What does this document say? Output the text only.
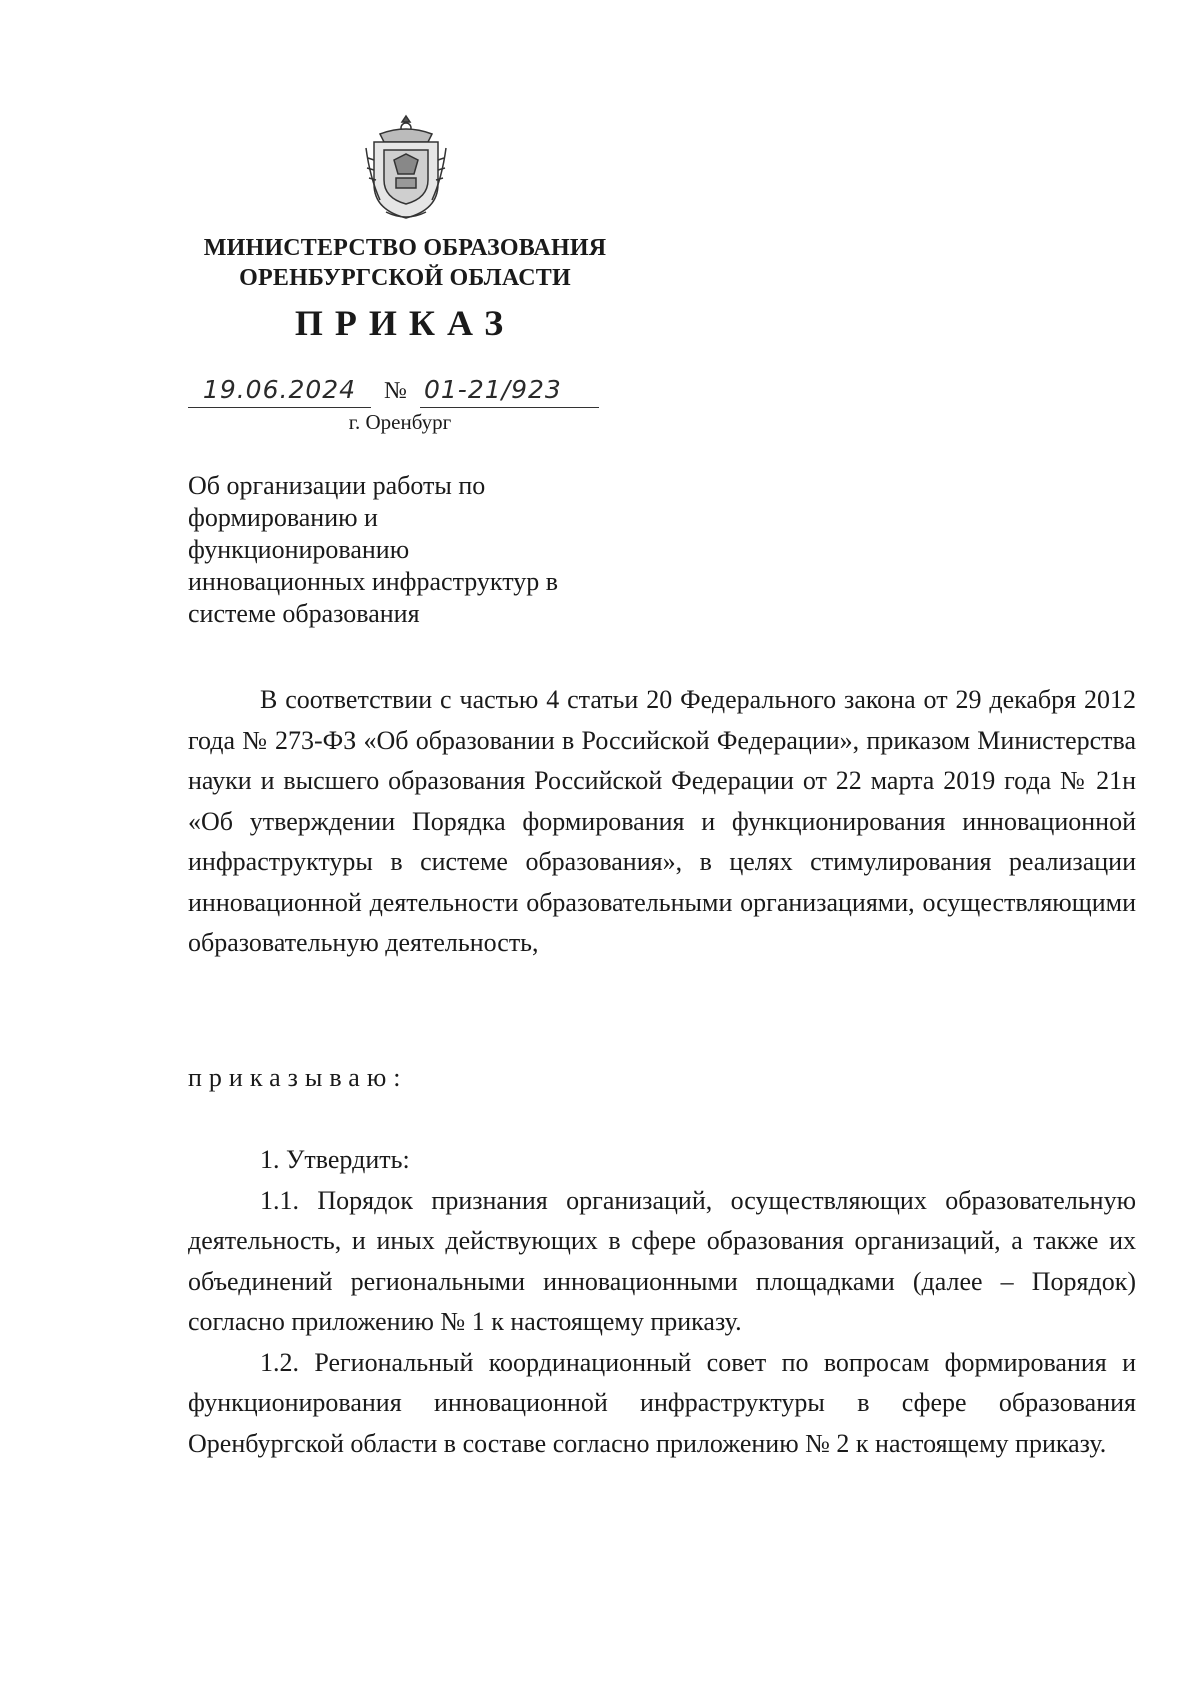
МИНИСТЕРСТВО ОБРАЗОВАНИЯ
ОРЕНБУРГСКОЙ ОБЛАСТИ
ПРИКАЗ
19.06.2024	№ 01-21/923
г. Оренбург
Об организации работы по
формированию и
функционированию
инновационных инфраструктур в
системе образования

В соответствии с частью 4 статьи 20 Федерального закона от 29 декабря 2012 года № 273-ФЗ «Об образовании в Российской Федерации», приказом Министерства науки и высшего образования Российской Федерации от 22 марта 2019 года № 21н «Об утверждении Порядка формирования и функционирования инновационной инфраструктуры в системе образования», в целях стимулирования реализации инновационной деятельности образовательными организациями, осуществляющими образовательную деятельность,

приказываю:

1. Утвердить:

1.1. Порядок признания организаций, осуществляющих образовательную деятельность, и иных действующих в сфере образования организаций, а также их объединений региональными инновационными площадками (далее – Порядок) согласно приложению № 1 к настоящему приказу.

1.2. Региональный координационный совет по вопросам формирования и функционирования инновационной инфраструктуры в сфере образования Оренбургской области в составе согласно приложению № 2 к настоящему приказу.
